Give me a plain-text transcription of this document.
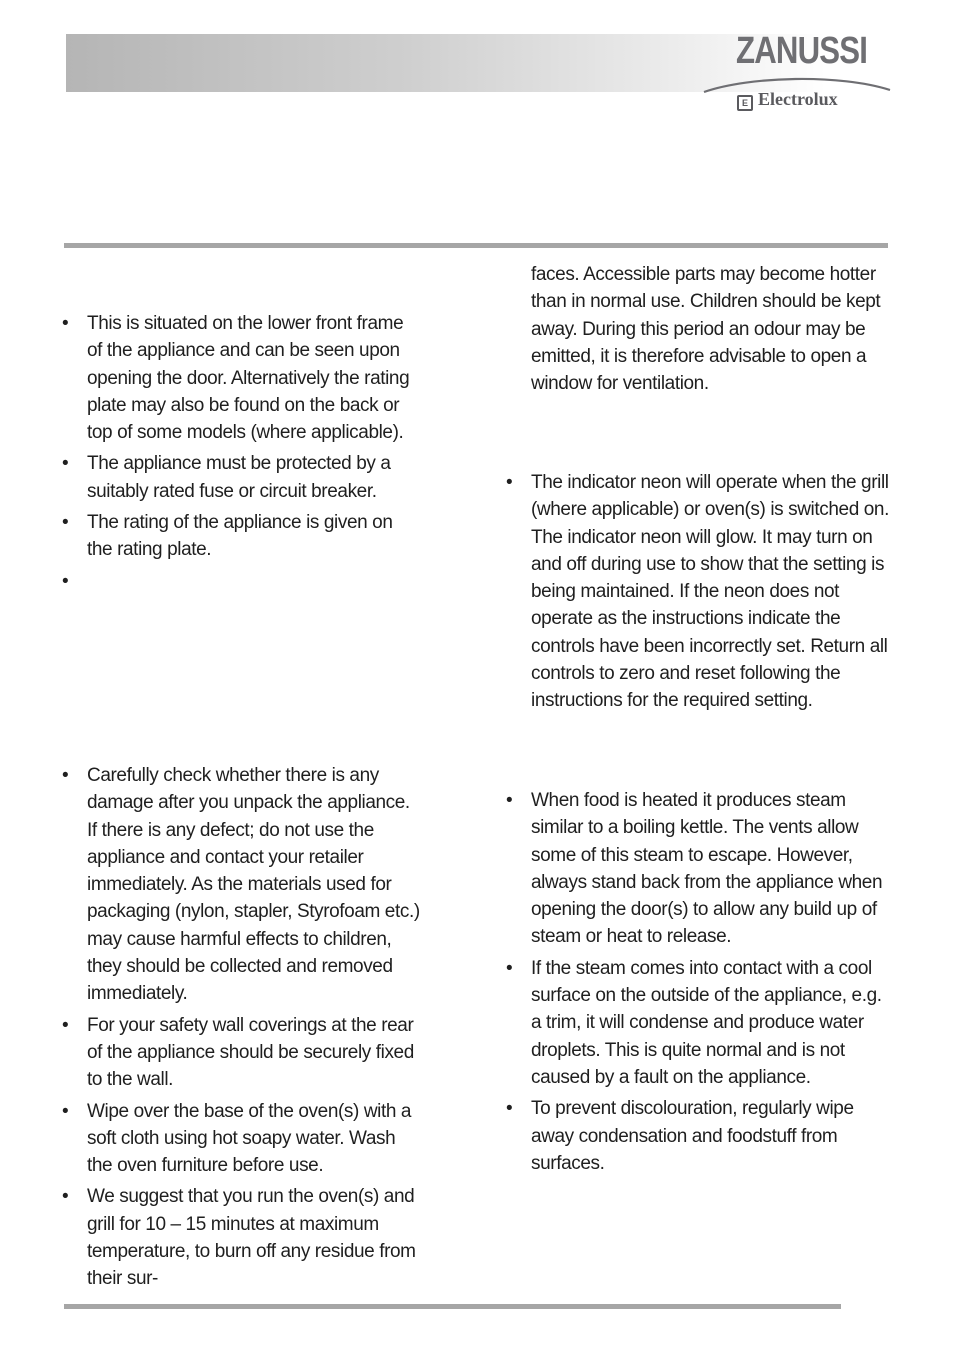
ZANUSSI
E Electrolux
• This is situated on the lower front frame of the appliance and can be seen upon opening the door. Alternatively the rating plate may also be found on the back or top of some models (where applicable).
• The appliance must be protected by a suitably rated fuse or circuit breaker.
• The rating of the appliance is given on the rating plate.
•
• Carefully check whether there is any damage after you unpack the appliance. If there is any defect; do not use the appliance and contact your retailer immediately. As the materials used for packaging (nylon, stapler, Styrofoam etc.) may cause harmful effects to children, they should be collected and removed immediately.
• For your safety wall coverings at the rear of the appliance should be securely fixed to the wall.
• Wipe over the base of the oven(s) with a soft cloth using hot soapy water. Wash the oven furniture before use.
• We suggest that you run the oven(s) and grill for 10 – 15 minutes at maximum temperature, to burn off any residue from their sur-
faces. Accessible parts may become hotter than in normal use. Children should be kept away. During this period an odour may be emitted, it is therefore advisable to open a window for ventilation.
• The indicator neon will operate when the grill (where applicable) or oven(s) is switched on. The indicator neon will glow. It may turn on and off during use to show that the setting is being maintained. If the neon does not operate as the instructions indicate the controls have been incorrectly set. Return all controls to zero and reset following the instructions for the required setting.
• When food is heated it produces steam similar to a boiling kettle. The vents allow some of this steam to escape. However, always stand back from the appliance when opening the door(s) to allow any build up of steam or heat to release.
• If the steam comes into contact with a cool surface on the outside of the appliance, e.g. a trim, it will condense and produce water droplets. This is quite normal and is not caused by a fault on the appliance.
• To prevent discolouration, regularly wipe away condensation and foodstuff from surfaces.
